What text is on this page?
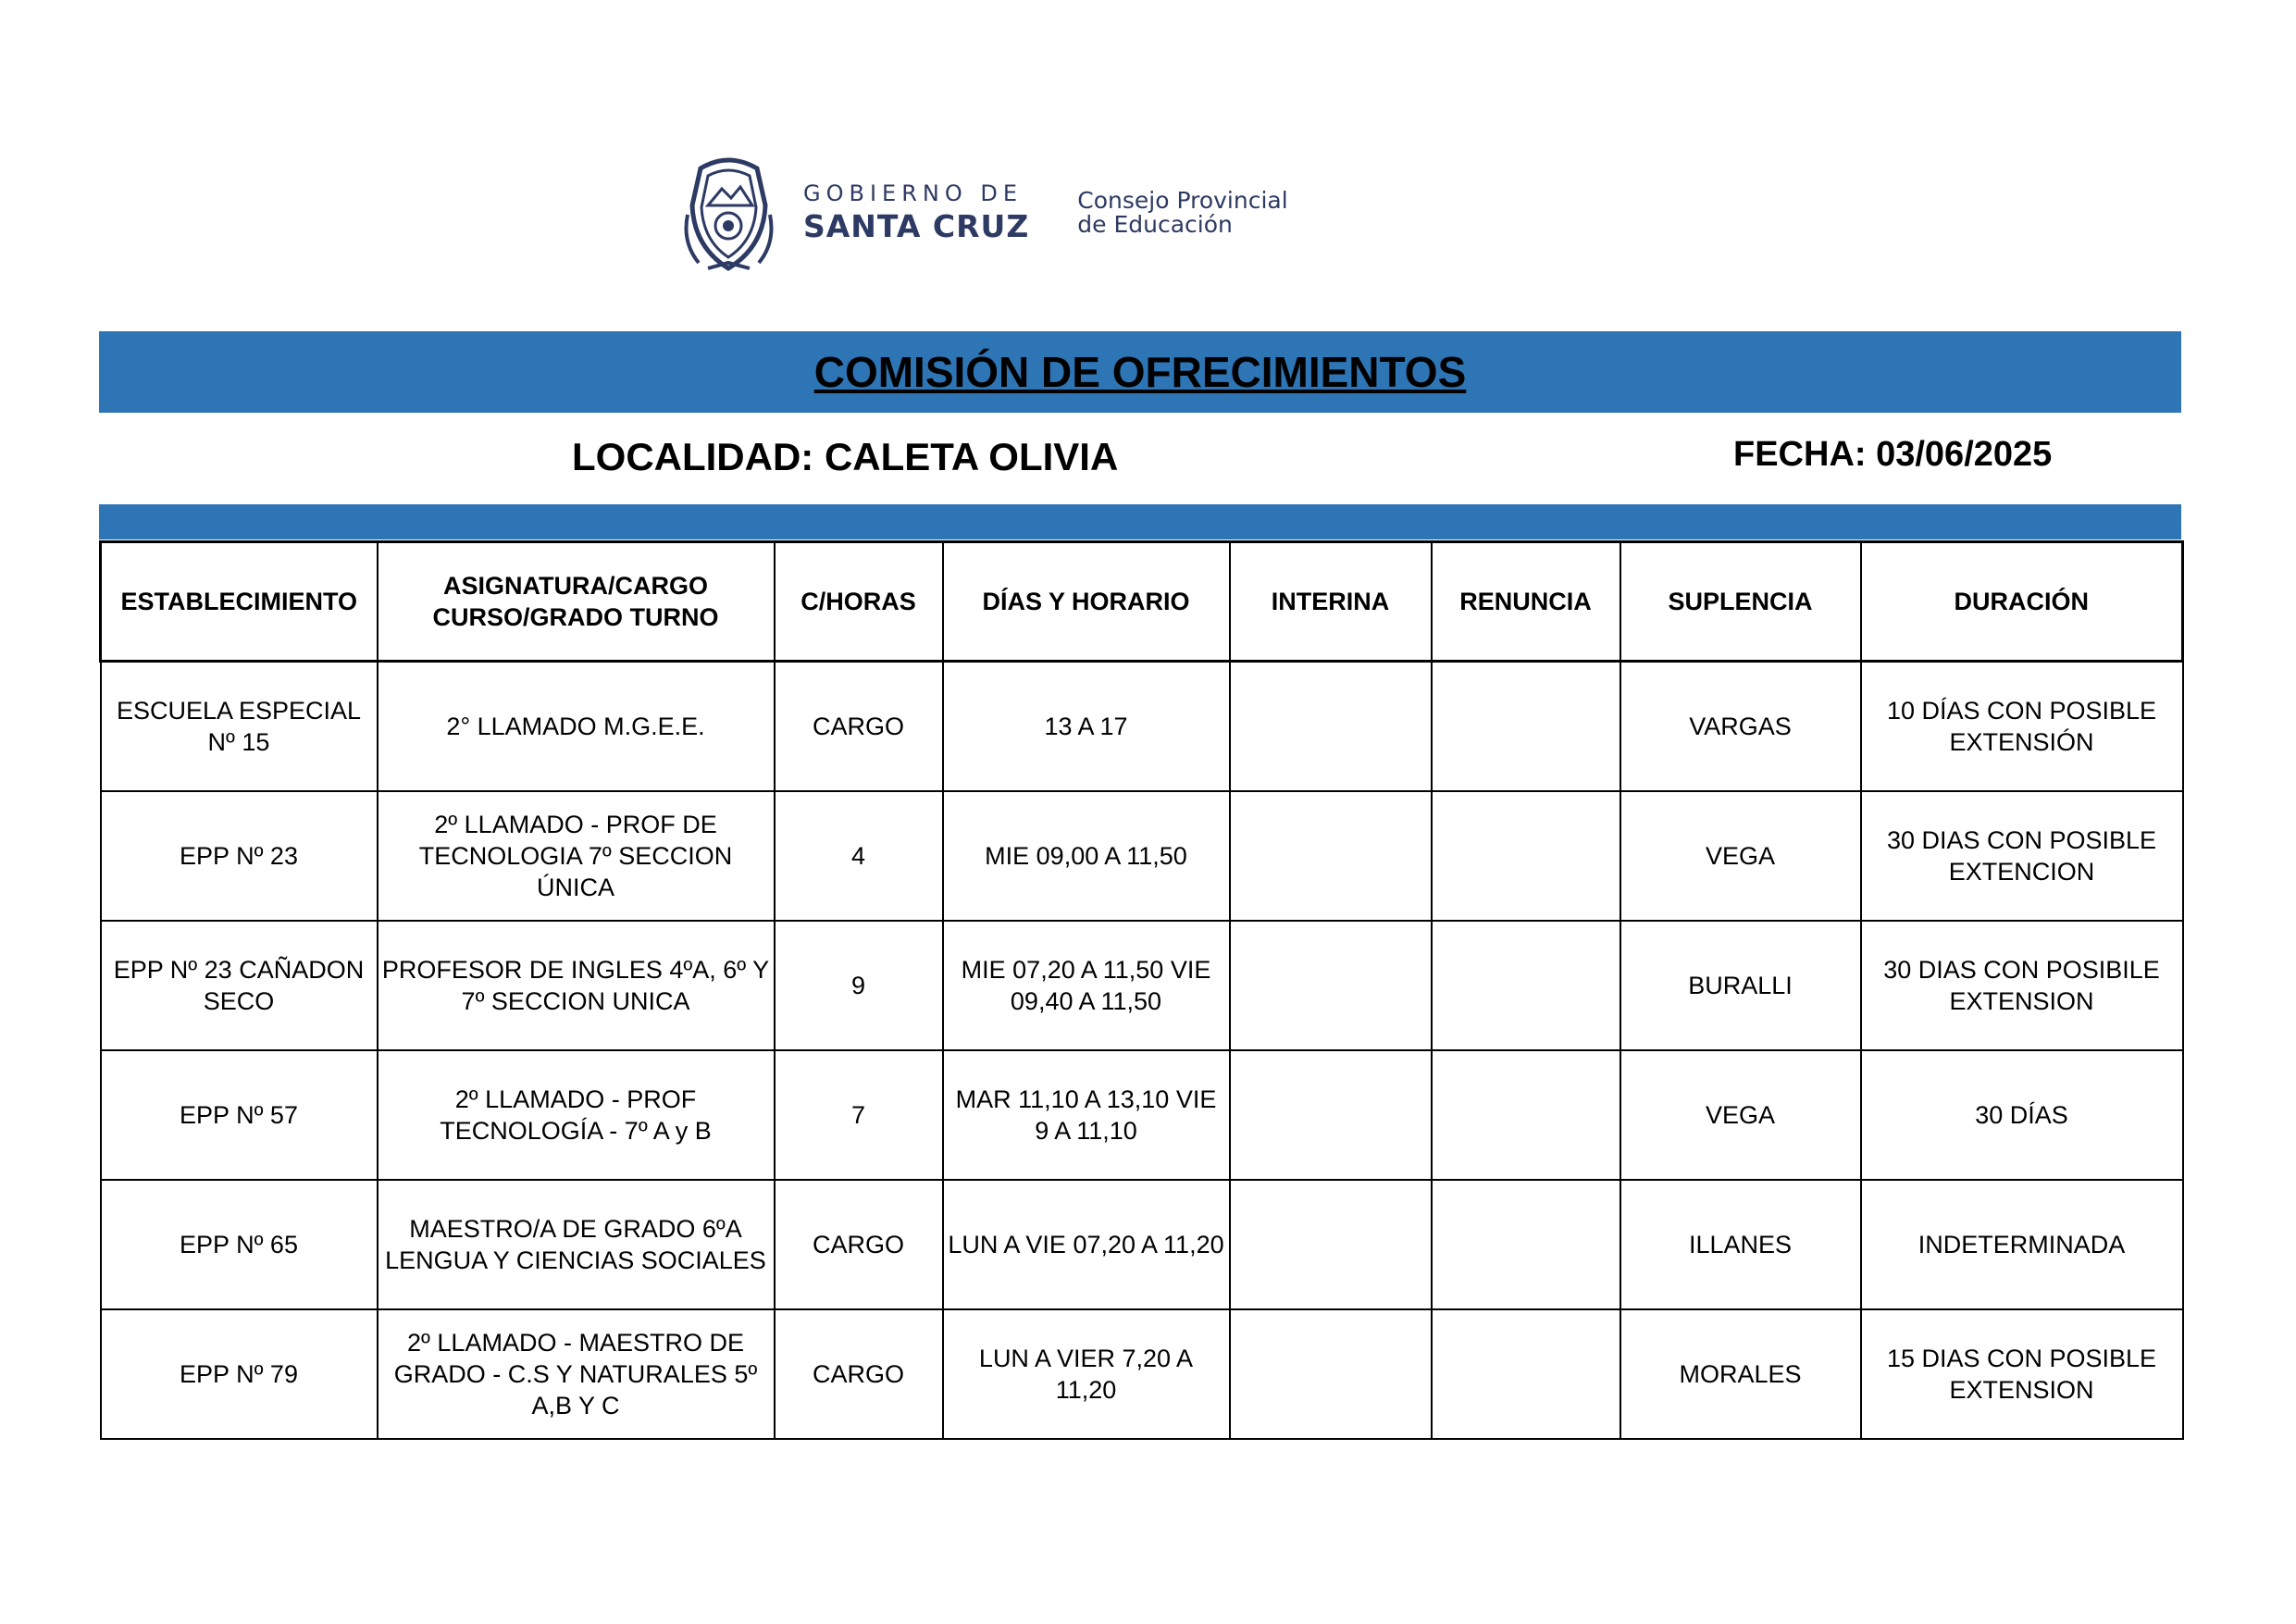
GOBIERNO DE
SANTA CRUZ
Consejo Provincial
de Educación
COMISIÓN DE OFRECIMIENTOS
LOCALIDAD: CALETA OLIVIA	FECHA: 03/06/2025
ESTABLECIMIENTO	ASIGNATURA/CARGO CURSO/GRADO TURNO	C/HORAS	DÍAS Y HORARIO	INTERINA	RENUNCIA	SUPLENCIA	DURACIÓN
ESCUELA ESPECIAL Nº 15	2° LLAMADO M.G.E.E.	CARGO	13 A 17			VARGAS	10 DÍAS CON POSIBLE EXTENSIÓN
EPP Nº 23	2º LLAMADO - PROF DE TECNOLOGIA 7º SECCION ÚNICA	4	MIE 09,00 A 11,50			VEGA	30 DIAS CON POSIBLE EXTENCION
EPP Nº 23 CAÑADON SECO	PROFESOR DE INGLES 4ºA, 6º Y 7º SECCION UNICA	9	MIE 07,20 A 11,50 VIE 09,40 A 11,50			BURALLI	30 DIAS CON POSIBILE EXTENSION
EPP Nº 57	2º LLAMADO - PROF TECNOLOGÍA - 7º A y B	7	MAR 11,10 A 13,10 VIE 9 A 11,10			VEGA	30 DÍAS
EPP Nº 65	MAESTRO/A DE GRADO 6ºA LENGUA Y CIENCIAS SOCIALES	CARGO	LUN A VIE 07,20 A 11,20			ILLANES	INDETERMINADA
EPP Nº 79	2º LLAMADO - MAESTRO DE GRADO - C.S Y NATURALES 5º A,B Y C	CARGO	LUN A VIER 7,20 A 11,20			MORALES	15 DIAS CON POSIBLE EXTENSION
